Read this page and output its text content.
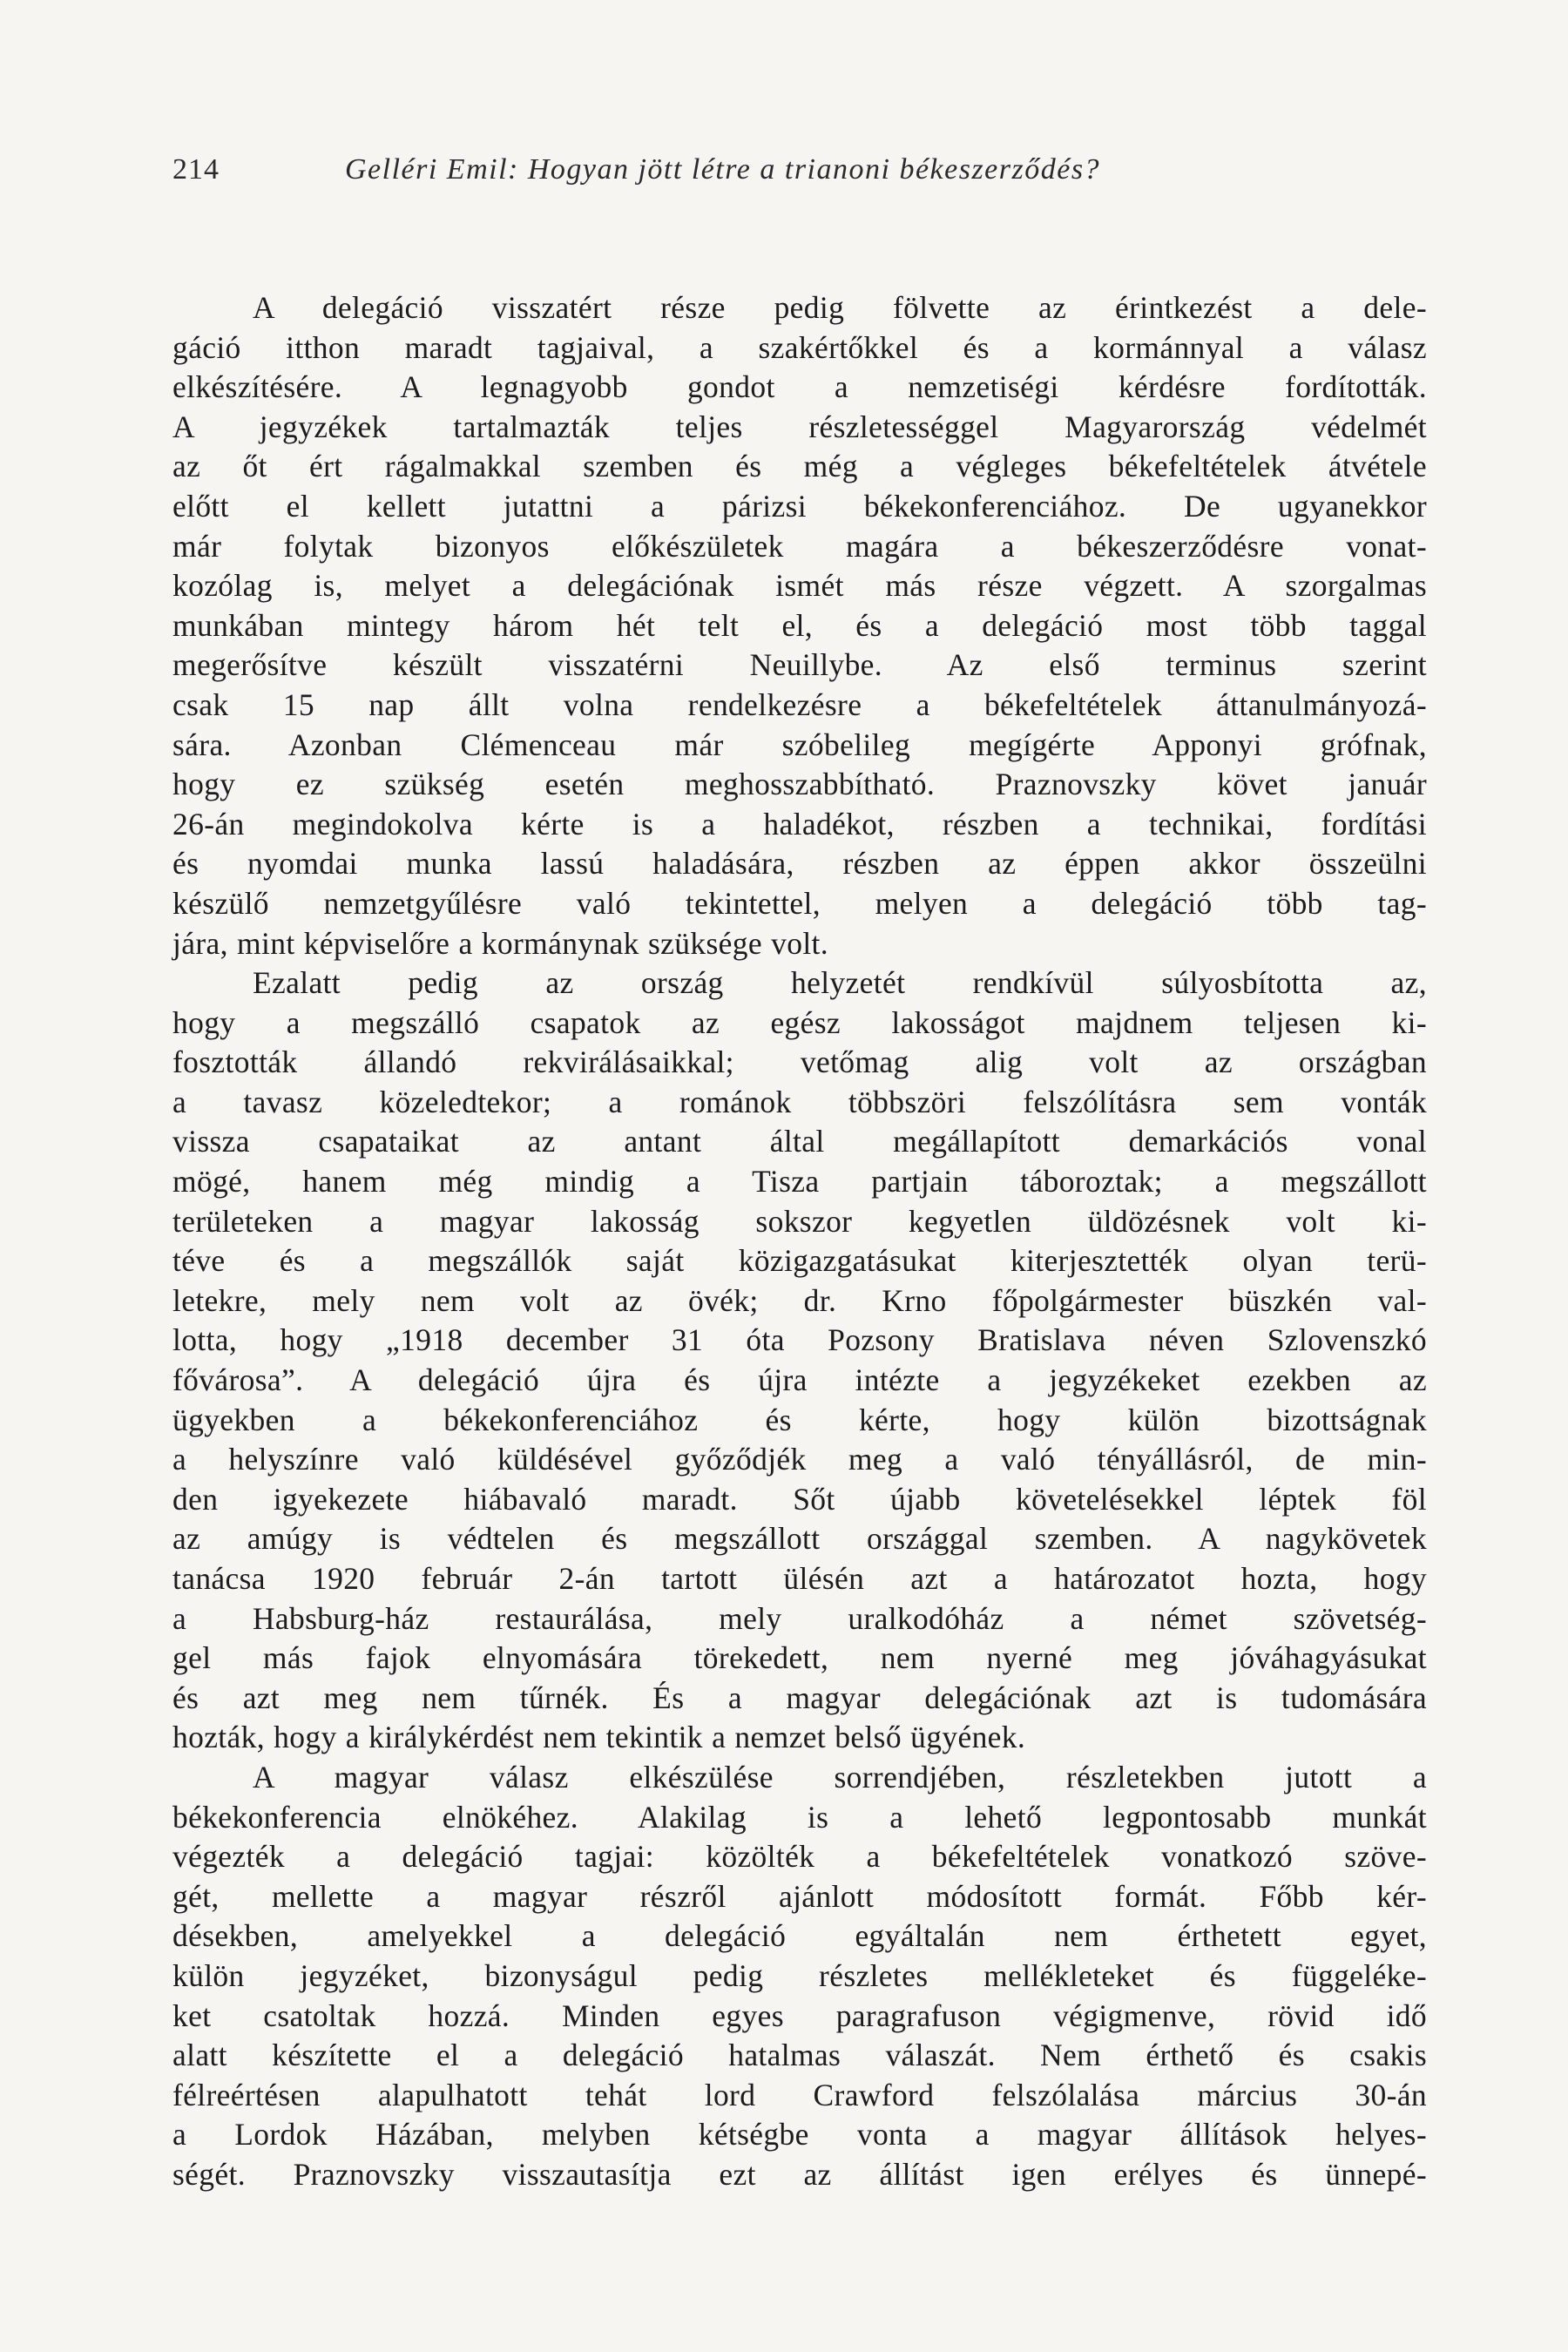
214	Gelléri Emil: Hogyan jött létre a trianoni békeszerződés?
A delegáció visszatért része pedig fölvette az érintkezést a dele-
gáció itthon maradt tagjaival, a szakértőkkel és a kormánnyal a válasz
elkészítésére. A legnagyobb gondot a nemzetiségi kérdésre fordították.
A jegyzékek tartalmazták teljes részletességgel Magyarország védelmét
az őt ért rágalmakkal szemben és még a végleges békefeltételek átvétele
előtt el kellett jutattni a párizsi békekonferenciához. De ugyanekkor
már folytak bizonyos előkészületek magára a békeszerződésre vonat-
kozólag is, melyet a delegációnak ismét más része végzett. A szorgalmas
munkában mintegy három hét telt el, és a delegáció most több taggal
megerősítve készült visszatérni Neuillybe. Az első terminus szerint
csak 15 nap állt volna rendelkezésre a békefeltételek áttanulmányozá-
sára. Azonban Clémenceau már szóbelileg megígérte Apponyi grófnak,
hogy ez szükség esetén meghosszabbítható. Praznovszky követ január
26-án megindokolva kérte is a haladékot, részben a technikai, fordítási
és nyomdai munka lassú haladására, részben az éppen akkor összeülni
készülő nemzetgyűlésre való tekintettel, melyen a delegáció több tag-
jára, mint képviselőre a kormánynak szüksége volt.
Ezalatt pedig az ország helyzetét rendkívül súlyosbította az,
hogy a megszálló csapatok az egész lakosságot majdnem teljesen ki-
fosztották állandó rekvirálásaikkal; vetőmag alig volt az országban
a tavasz közeledtekor; a románok többszöri felszólításra sem vonták
vissza csapataikat az antant által megállapított demarkációs vonal
mögé, hanem még mindig a Tisza partjain táboroztak; a megszállott
területeken a magyar lakosság sokszor kegyetlen üldözésnek volt ki-
téve és a megszállók saját közigazgatásukat kiterjesztették olyan terü-
letekre, mely nem volt az övék; dr. Krno főpolgármester büszkén val-
lotta, hogy „1918 december 31 óta Pozsony Bratislava néven Szlovenszkó
fővárosa”. A delegáció újra és újra intézte a jegyzékeket ezekben az
ügyekben a békekonferenciához és kérte, hogy külön bizottságnak
a helyszínre való küldésével győződjék meg a való tényállásról, de min-
den igyekezete hiábavaló maradt. Sőt újabb követelésekkel léptek föl
az amúgy is védtelen és megszállott országgal szemben. A nagykövetek
tanácsa 1920 február 2-án tartott ülésén azt a határozatot hozta, hogy
a Habsburg-ház restaurálása, mely uralkodóház a német szövetség-
gel más fajok elnyomására törekedett, nem nyerné meg jóváhagyásukat
és azt meg nem tűrnék. És a magyar delegációnak azt is tudomására
hozták, hogy a királykérdést nem tekintik a nemzet belső ügyének.
A magyar válasz elkészülése sorrendjében, részletekben jutott a
békekonferencia elnökéhez. Alakilag is a lehető legpontosabb munkát
végezték a delegáció tagjai: közölték a békefeltételek vonatkozó szöve-
gét, mellette a magyar részről ajánlott módosított formát. Főbb kér-
désekben, amelyekkel a delegáció egyáltalán nem érthetett egyet,
külön jegyzéket, bizonyságul pedig részletes mellékleteket és függeléke-
ket csatoltak hozzá. Minden egyes paragrafuson végigmenve, rövid idő
alatt készítette el a delegáció hatalmas válaszát. Nem érthető és csakis
félreértésen alapulhatott tehát lord Crawford felszólalása március 30-án
a Lordok Házában, melyben kétségbe vonta a magyar állítások helyes-
ségét. Praznovszky visszautasítja ezt az állítást igen erélyes és ünnepé-
